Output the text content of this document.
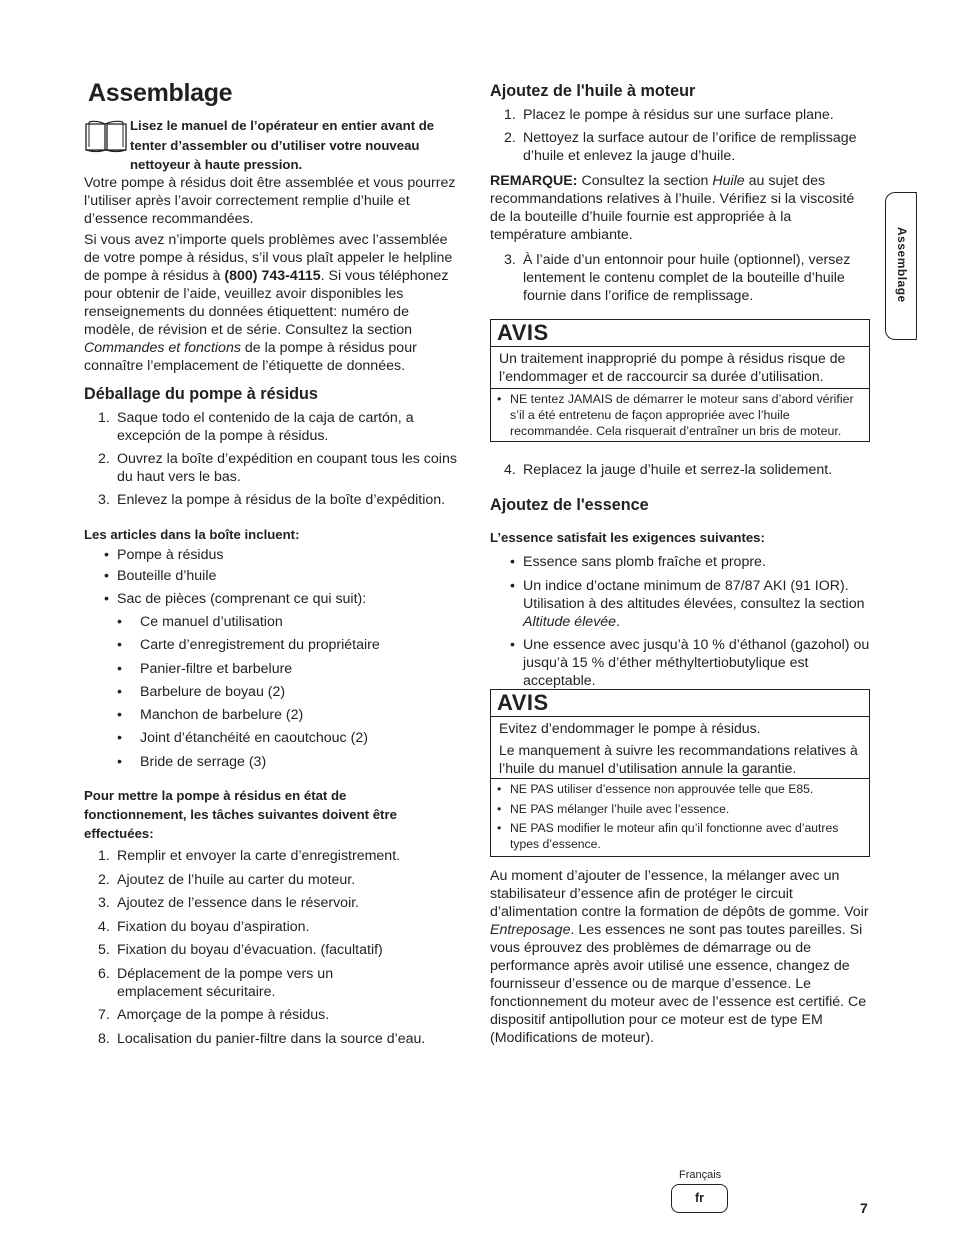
Assemblage

Lisez le manuel de l’opérateur en entier avant de tenter d’assembler ou d’utiliser votre nouveau nettoyeur à haute pression.

Votre pompe à résidus doit être assemblée et vous pourrez l’utiliser après l’avoir correctement remplie d’huile et d’essence recommandées.

Si vous avez n’importe quels problèmes avec l’assemblée de votre pompe à résidus, s’il vous plaît appeler le helpline de pompe à résidus à (800) 743-4115. Si vous téléphonez pour obtenir de l’aide, veuillez avoir disponibles les renseignements du données étiquettent: numéro de modèle, de révision et de série. Consultez la section Commandes et fonctions de la pompe à résidus pour connaître l’emplacement de l’étiquette de données.

Déballage du pompe à résidus
1. Saque todo el contenido de la caja de cartón, a excepción de la pompe à résidus.
2. Ouvrez la boîte d’expédition en coupant tous les coins du haut vers le bas.
3. Enlevez la pompe à résidus de la boîte d’expédition.

Les articles dans la boîte incluent:

• Pompe à résidus
• Bouteille d’huile
• Sac de pièces (comprenant ce qui suit):
• Ce manuel d’utilisation
• Carte d’enregistrement du propriétaire
• Panier-filtre et barbelure
• Barbelure de boyau (2)
• Manchon de barbelure (2)
• Joint d’étanchéité en caoutchouc (2)
• Bride de serrage (3)

Pour mettre la pompe à résidus en état de fonctionnement, les tâches suivantes doivent être effectuées:

1. Remplir et envoyer la carte d’enregistrement.
2. Ajoutez de l’huile au carter du moteur.
3. Ajoutez de l’essence dans le réservoir.
4. Fixation du boyau d’aspiration.
5. Fixation du boyau d’évacuation. (facultatif)
6. Déplacement de la pompe vers un emplacement sécuritaire.
7. Amorçage de la pompe à résidus.
8. Localisation du panier-filtre dans la source d’eau.
Ajoutez de l'huile à moteur
1. Placez le pompe à résidus sur une surface plane.
2. Nettoyez la surface autour de l’orifice de remplissage d’huile et enlevez la jauge d’huile.

REMARQUE: Consultez la section Huile au sujet des recommandations relatives à l’huile. Vérifiez si la viscosité de la bouteille d’huile fournie est appropriée à la température ambiante.

3. À l’aide d’un entonnoir pour huile (optionnel), versez lentement le contenu complet de la bouteille d’huile fournie dans l’orifice de remplissage.
AVIS
Un traitement inapproprié du pompe à résidus risque de l’endommager et de raccourcir sa durée d’utilisation.
• NE tentez JAMAIS de démarrer le moteur sans d’abord vérifier s’il a été entretenu de façon appropriée avec l’huile recommandée. Cela risquerait d’entraîner un bris de moteur.
4. Replacez la jauge d’huile et serrez-la solidement.
Ajoutez de l'essence

L’essence satisfait les exigences suivantes:

• Essence sans plomb fraîche et propre.
• Un indice d’octane minimum de 87/87 AKI (91 IOR). Utilisation à des altitudes élevées, consultez la section Altitude élevée.
• Une essence avec jusqu’à 10 % d’éthanol (gazohol) ou jusqu’à 15 % d’éther méthyltertiobutylique est acceptable.
AVIS
Evitez d’endommager le pompe à résidus.
Le manquement à suivre les recommandations relatives à l’huile du manuel d’utilisation annule la garantie.
• NE PAS utiliser d’essence non approuvée telle que E85.
• NE PAS mélanger l’huile avec l’essence.
• NE PAS modifier le moteur afin qu’il fonctionne avec d’autres types d’essence.

Au moment d’ajouter de l’essence, la mélanger avec un stabilisateur d’essence afin de protéger le circuit d’alimentation contre la formation de dépôts de gomme. Voir Entreposage. Les essences ne sont pas toutes pareilles. Si vous éprouvez des problèmes de démarrage ou de performance après avoir utilisé une essence, changez de fournisseur d’essence ou de marque d’essence. Le fonctionnement du moteur avec de l’essence est certifié. Ce dispositif antipollution pour ce moteur est de type EM (Modifications de moteur).

Assemblage
Français
fr
7
